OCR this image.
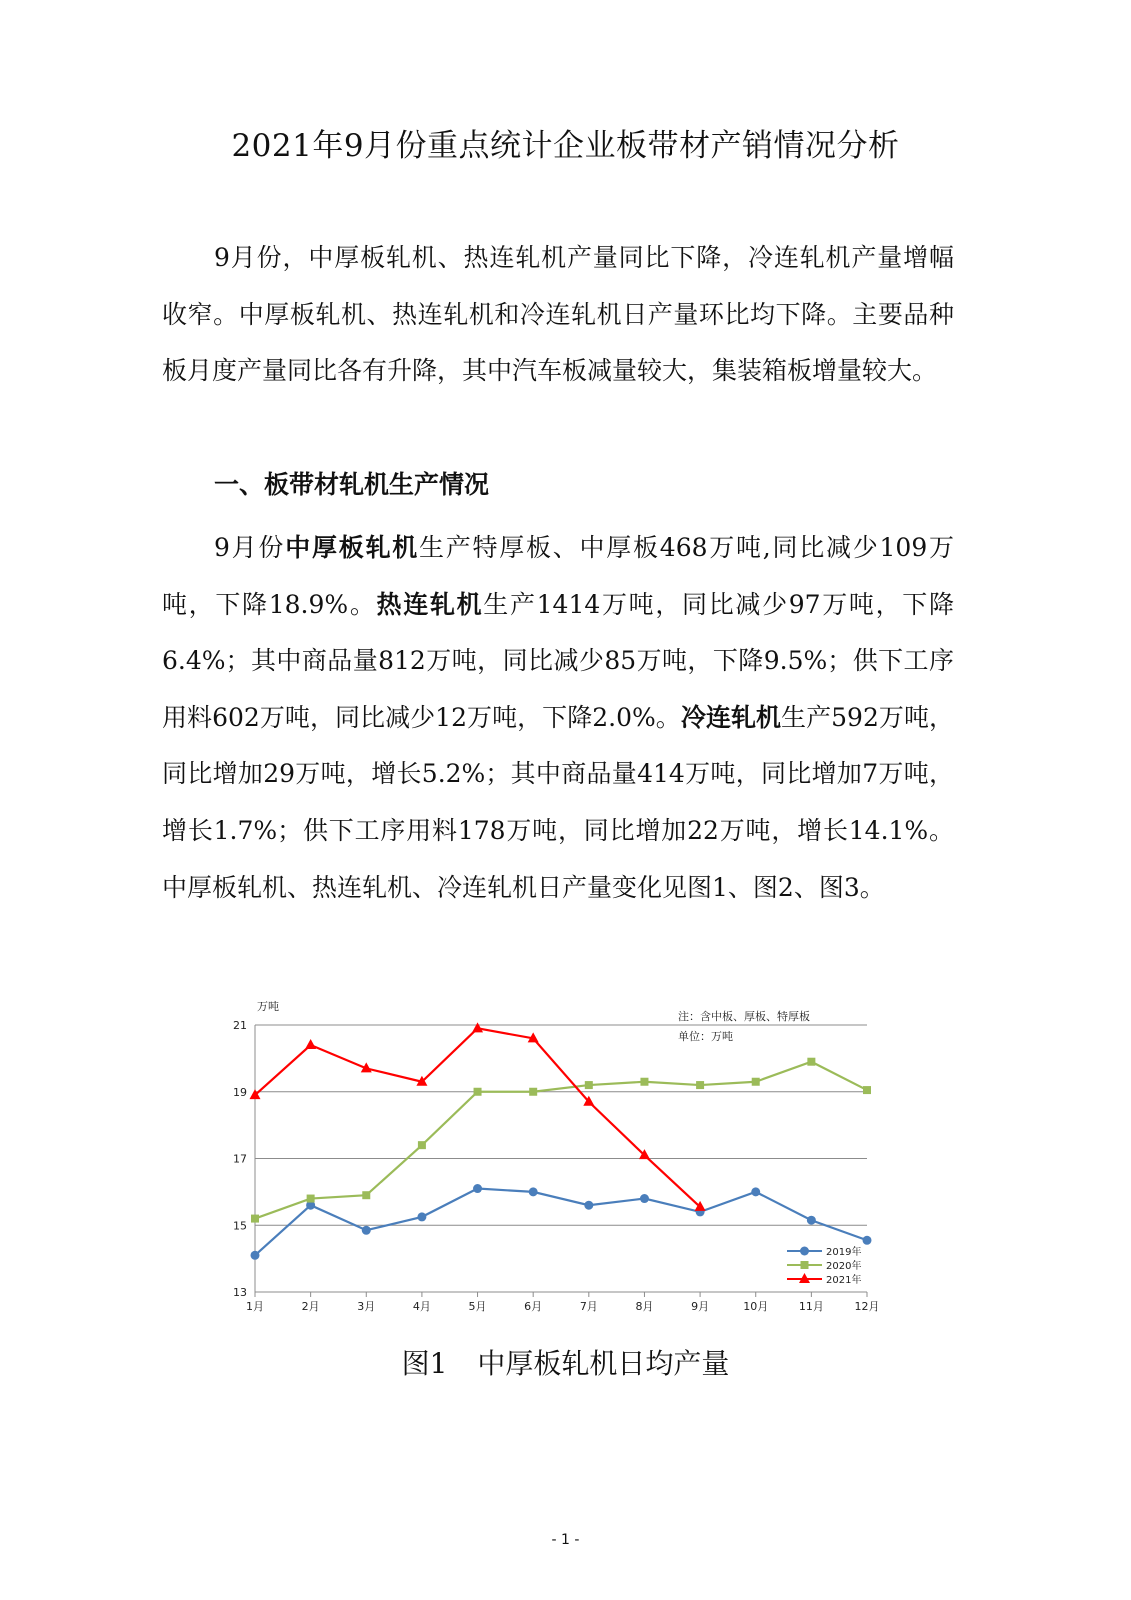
2021年9月份重点统计企业板带材产销情况分析

9月份，中厚板轧机、热连轧机产量同比下降，冷连轧机产量增幅收窄。中厚板轧机、热连轧机和冷连轧机日产量环比均下降。主要品种板月度产量同比各有升降，其中汽车板减量较大，集装箱板增量较大。

一、板带材轧机生产情况

9月份中厚板轧机生产特厚板、中厚板468万吨,同比减少109万吨，下降18.9%。热连轧机生产1414万吨，同比减少97万吨，下降6.4%；其中商品量812万吨，同比减少85万吨，下降9.5%；供下工序用料602万吨，同比减少12万吨，下降2.0%。冷连轧机生产592万吨，同比增加29万吨，增长5.2%；其中商品量414万吨，同比增加7万吨，增长1.7%；供下工序用料178万吨，同比增加22万吨，增长14.1%。中厚板轧机、热连轧机、冷连轧机日产量变化见图1、图2、图3。

13
15
17
19
21
1月	2月	3月	4月	5月	6月	7月	8月	9月	10月	11月	12月
万吨
注：含中板、厚板、特厚板
单位：万吨
2019年
2020年
2021年
图1 中厚板轧机日均产量
- 1 -
